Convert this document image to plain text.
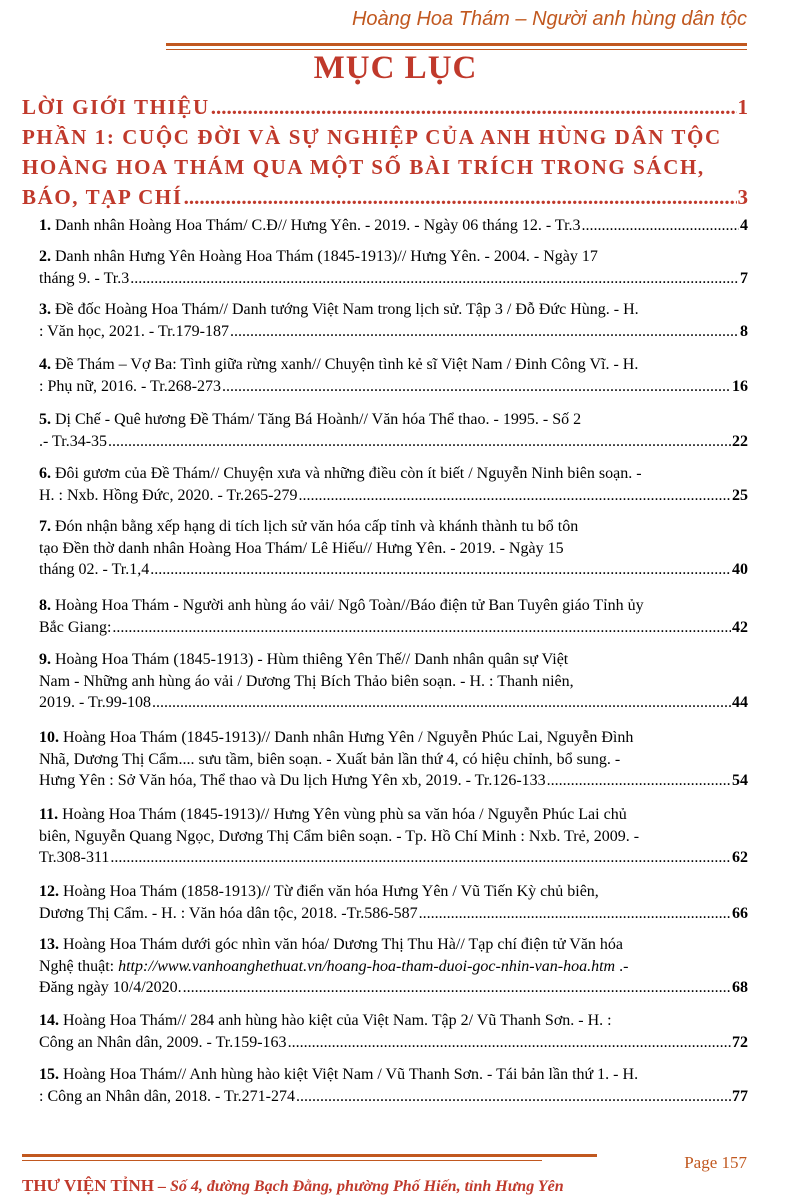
Hoàng Hoa Thám – Người anh hùng dân tộc
MỤC LỤC
LỜI GIỚI THIỆU .....	1
PHẦN 1: CUỘC ĐỜI VÀ SỰ NGHIỆP CỦA ANH HÙNG DÂN TỘC
HOÀNG HOA THÁM QUA MỘT SỐ BÀI TRÍCH TRONG SÁCH,
BÁO, TẠP CHÍ .....	3
1. Danh nhân Hoàng Hoa Thám/ C.Đ// Hưng Yên. - 2019. - Ngày 06 tháng 12. - Tr.3 .....	4
2. Danh nhân Hưng Yên Hoàng Hoa Thám (1845-1913)// Hưng Yên. - 2004. - Ngày 17
tháng 9. - Tr.3 .....	7
3. Đề đốc Hoàng Hoa Thám// Danh tướng Việt Nam trong lịch sử. Tập 3 / Đỗ Đức Hùng. - H.
: Văn học, 2021. - Tr.179-187 .....	8
4. Đề Thám – Vợ Ba: Tình giữa rừng xanh// Chuyện tình kẻ sĩ Việt Nam / Đinh Công Vĩ. - H.
: Phụ nữ, 2016. - Tr.268-273 .....	16
5. Dị Chế - Quê hương Đề Thám/ Tăng Bá Hoành// Văn hóa Thể thao. - 1995. - Số 2
.- Tr.34-35 .....	22
6. Đôi gươm của Đề Thám// Chuyện xưa và những điều còn ít biết / Nguyễn Ninh biên soạn. -
H. : Nxb. Hồng Đức, 2020. - Tr.265-279 .....	25
7. Đón nhận bằng xếp hạng di tích lịch sử văn hóa cấp tỉnh và khánh thành tu bổ tôn
tạo Đền thờ danh nhân Hoàng Hoa Thám/ Lê Hiếu// Hưng Yên. - 2019. - Ngày 15
tháng 02. - Tr.1,4 .....	40
8. Hoàng Hoa Thám - Người anh hùng áo vải/ Ngô Toàn//Báo điện tử Ban Tuyên giáo Tỉnh ủy
Bắc Giang: .....	42
9. Hoàng Hoa Thám (1845-1913) - Hùm thiêng Yên Thế// Danh nhân quân sự Việt
Nam - Những anh hùng áo vải / Dương Thị Bích Thảo biên soạn. - H. : Thanh niên,
2019. - Tr.99-108 .....	44
10. Hoàng Hoa Thám (1845-1913)// Danh nhân Hưng Yên / Nguyễn Phúc Lai, Nguyễn Đình
Nhã, Dương Thị Cẩm.... sưu tầm, biên soạn. - Xuất bản lần thứ 4, có hiệu chỉnh, bổ sung. -
Hưng Yên : Sở Văn hóa, Thể thao và Du lịch Hưng Yên xb, 2019. - Tr.126-133 .....	54
11. Hoàng Hoa Thám (1845-1913)// Hưng Yên vùng phù sa văn hóa / Nguyễn Phúc Lai chủ
biên, Nguyễn Quang Ngọc, Dương Thị Cẩm biên soạn. - Tp. Hồ Chí Minh : Nxb. Trẻ, 2009. -
Tr.308-311 .....	62
12. Hoàng Hoa Thám (1858-1913)// Từ điển văn hóa Hưng Yên / Vũ Tiến Kỳ chủ biên,
Dương Thị Cẩm. - H. : Văn hóa dân tộc, 2018. -Tr.586-587 .....	66
13. Hoàng Hoa Thám dưới góc nhìn văn hóa/ Dương Thị Thu Hà// Tạp chí điện tử Văn hóa
Nghệ thuật: http://www.vanhoanghethuat.vn/hoang-hoa-tham-duoi-goc-nhin-van-hoa.htm .-
Đăng ngày 10/4/2020. .....	68
14. Hoàng Hoa Thám// 284 anh hùng hào kiệt của Việt Nam. Tập 2/ Vũ Thanh Sơn. - H. :
Công an Nhân dân, 2009. - Tr.159-163 .....	72
15. Hoàng Hoa Thám// Anh hùng hào kiệt Việt Nam / Vũ Thanh Sơn. - Tái bản lần thứ 1. - H.
: Công an Nhân dân, 2018. - Tr.271-274 .....	77
Page 157
THƯ VIỆN TỈNH – Số 4, đường Bạch Đằng, phường Phố Hiến, tỉnh Hưng Yên
